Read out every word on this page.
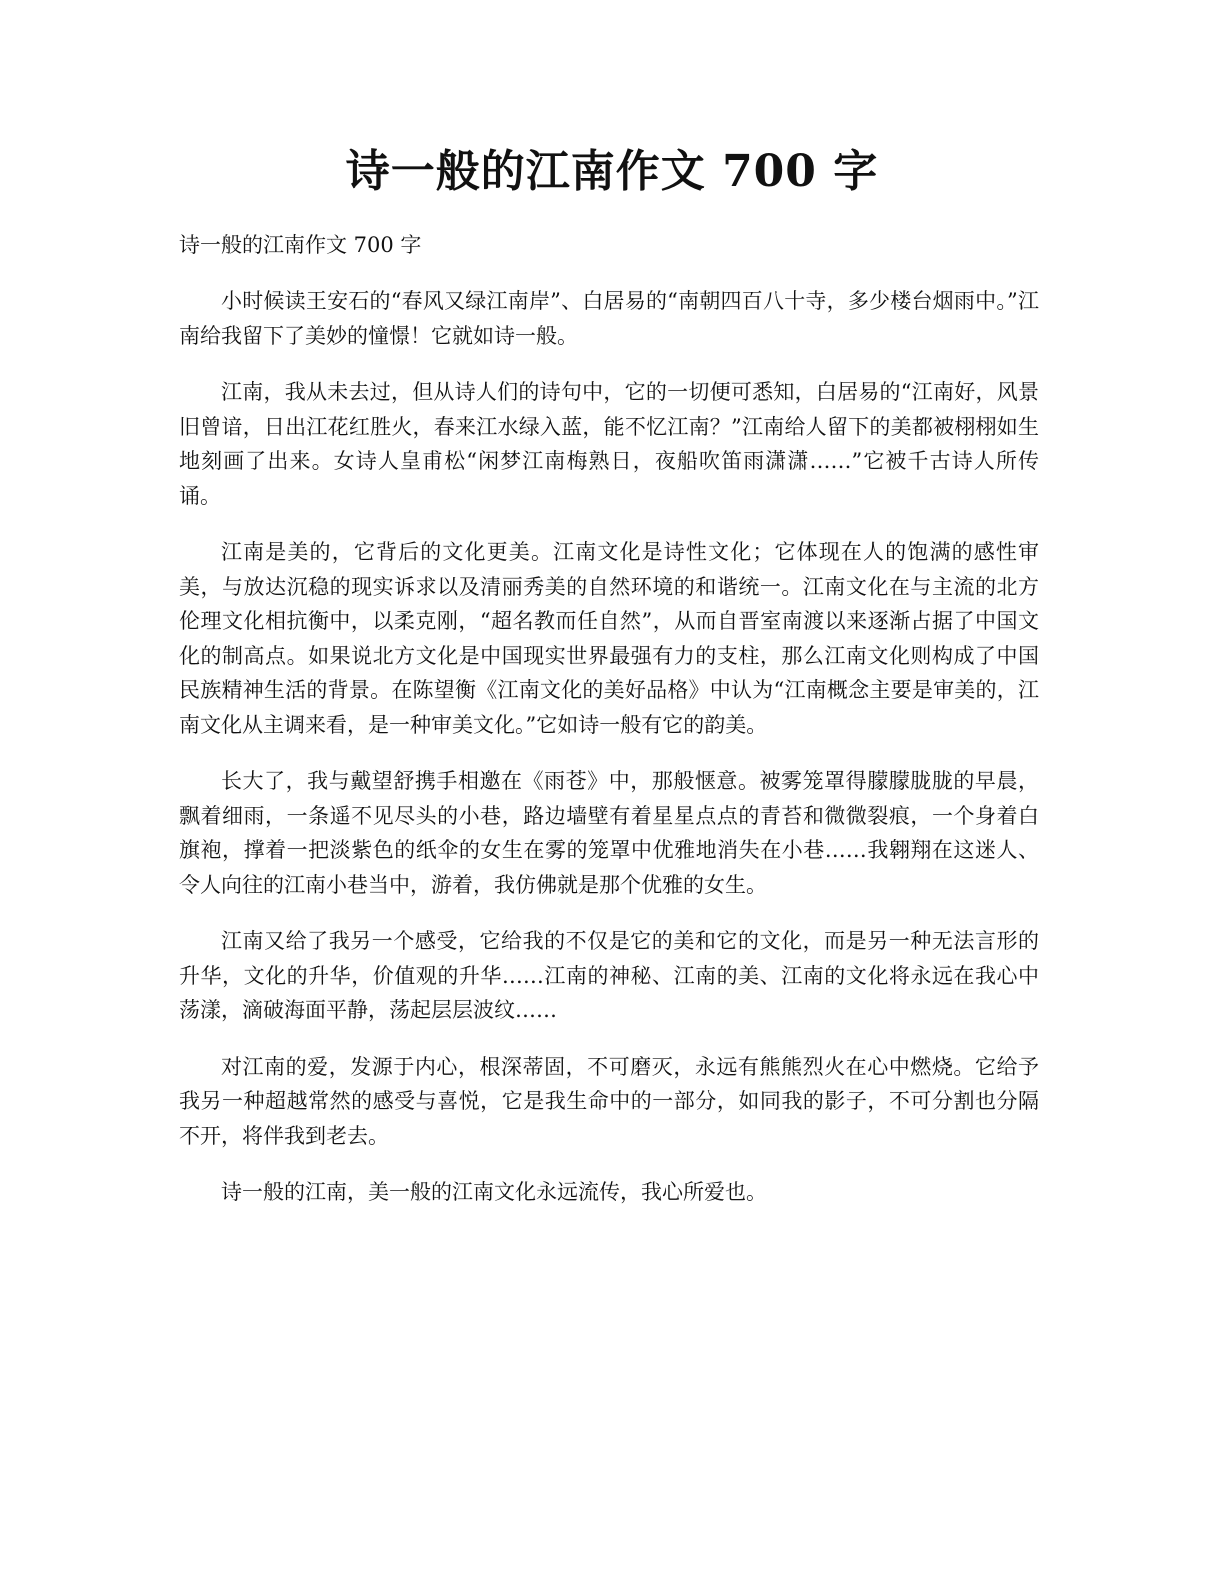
诗一般的江南作文 700 字

诗一般的江南作文 700 字

小时候读王安石的“春风又绿江南岸”、白居易的“南朝四百八十寺，多少楼台烟雨中。”江南给我留下了美妙的憧憬！它就如诗一般。

江南，我从未去过，但从诗人们的诗句中，它的一切便可悉知，白居易的“江南好，风景旧曾谙，日出江花红胜火，春来江水绿入蓝，能不忆江南？”江南给人留下的美都被栩栩如生地刻画了出来。女诗人皇甫松“闲梦江南梅熟日，夜船吹笛雨潇潇……”它被千古诗人所传诵。

江南是美的，它背后的文化更美。江南文化是诗性文化；它体现在人的饱满的感性审美，与放达沉稳的现实诉求以及清丽秀美的自然环境的和谐统一。江南文化在与主流的北方伦理文化相抗衡中，以柔克刚，“超名教而任自然”，从而自晋室南渡以来逐渐占据了中国文化的制高点。如果说北方文化是中国现实世界最强有力的支柱，那么江南文化则构成了中国民族精神生活的背景。在陈望衡《江南文化的美好品格》中认为“江南概念主要是审美的，江南文化从主调来看，是一种审美文化。”它如诗一般有它的韵美。

长大了，我与戴望舒携手相邀在《雨苍》中，那般惬意。被雾笼罩得朦朦胧胧的早晨，飘着细雨，一条遥不见尽头的小巷，路边墙壁有着星星点点的青苔和微微裂痕，一个身着白旗袍，撑着一把淡紫色的纸伞的女生在雾的笼罩中优雅地消失在小巷……我翱翔在这迷人、令人向往的江南小巷当中，游着，我仿佛就是那个优雅的女生。

江南又给了我另一个感受，它给我的不仅是它的美和它的文化，而是另一种无法言形的升华，文化的升华，价值观的升华……江南的神秘、江南的美、江南的文化将永远在我心中荡漾，滴破海面平静，荡起层层波纹……

对江南的爱，发源于内心，根深蒂固，不可磨灭，永远有熊熊烈火在心中燃烧。它给予我另一种超越常然的感受与喜悦，它是我生命中的一部分，如同我的影子，不可分割也分隔不开，将伴我到老去。

诗一般的江南，美一般的江南文化永远流传，我心所爱也。
